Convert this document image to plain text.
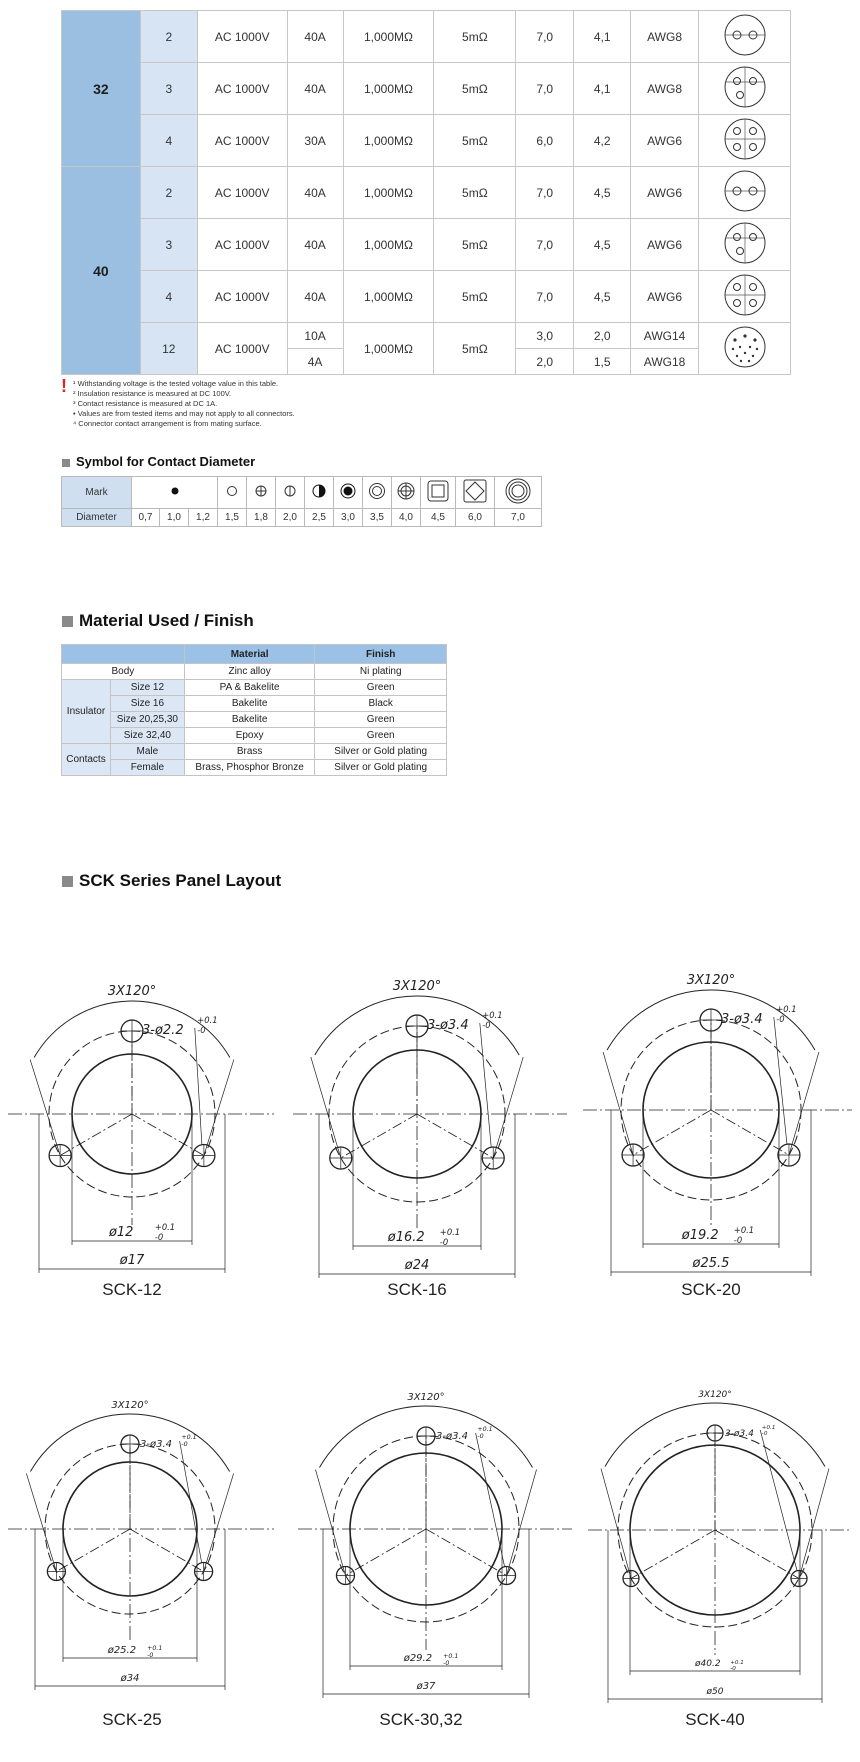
32	2	AC 1000V	40A	1,000MΩ	5mΩ	7,0	4,1	AWG8	
	3	AC 1000V	40A	1,000MΩ	5mΩ	7,0	4,1	AWG8	
	4	AC 1000V	30A	1,000MΩ	5mΩ	6,0	4,2	AWG6	
40	2	AC 1000V	40A	1,000MΩ	5mΩ	7,0	4,5	AWG6	
	3	AC 1000V	40A	1,000MΩ	5mΩ	7,0	4,5	AWG6	
	4	AC 1000V	40A	1,000MΩ	5mΩ	7,0	4,5	AWG6	
	12	AC 1000V	10A	1,000MΩ	5mΩ	3,0	2,0	AWG14	
			4A			2,0	1,5	AWG18	
! ¹ Withstanding voltage is the tested voltage value in this table.
² Insulation resistance is measured at DC 100V.
³ Contact resistance is measured at DC 1A.
• Values are from tested items and may not apply to all connectors.
⁴ Connector contact arrangement is from mating surface.
Symbol for Contact Diameter
Mark											
Diameter	0,7	1,0	1,2	1,5	1,8	2,0	2,5	3,0	3,5	4,0	4,5	6,0	7,0
Material Used / Finish
		Material	Finish
Body		Zinc alloy	Ni plating
Insulator	Size 12	PA & Bakelite	Green
	Size 16	Bakelite	Black
	Size 20,25,30	Bakelite	Green
	Size 32,40	Epoxy	Green
Contacts	Male	Brass	Silver or Gold plating
	Female	Brass, Phosphor Bronze	Silver or Gold plating
SCK Series Panel Layout
3X120°
3-ø2.2
+0.1
-0
ø12	+0.1
-0
ø17
SCK-12
3X120°
3-ø3.4
+0.1
-0
ø16.2 +0.1
-0
ø24
SCK-16
3X120°
3-ø3.4
+0.1
-0
ø19.2 +0.1
-0
ø25.5
SCK-20
3X120°
3-ø3.4
+0.1
-0
ø25.2 +0.1
-0
ø34
SCK-25
3X120°
3-ø3.4
+0.1
-0
ø29.2 +0.1
-0
ø37
SCK-30,32
3X120°
3-ø3.4
+0.1
-0
ø40.2 +0.1
-0
ø50
SCK-40
